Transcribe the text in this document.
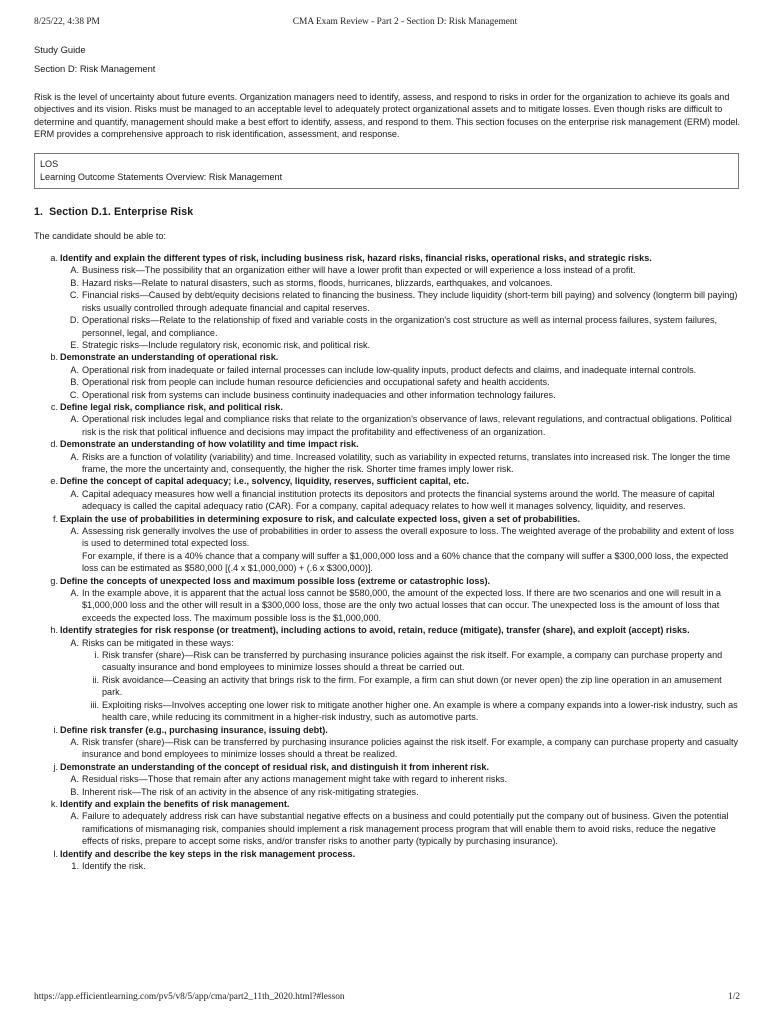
8/25/22, 4:38 PM	CMA Exam Review - Part 2 - Section D: Risk Management
Study Guide
Section D: Risk Management

Risk is the level of uncertainty about future events. Organization managers need to identify, assess, and respond to risks in order for the organization to achieve its goals and objectives and its vision. Risks must be managed to an acceptable level to adequately protect organizational assets and to mitigate losses. Even though risks are difficult to determine and quantify, management should make a best effort to identify, assess, and respond to them. This section focuses on the enterprise risk management (ERM) model. ERM provides a comprehensive approach to risk identification, assessment, and response.

LOS
Learning Outcome Statements Overview: Risk Management
1. Section D.1. Enterprise Risk

The candidate should be able to:

a. Identify and explain the different types of risk, including business risk, hazard risks, financial risks, operational risks, and strategic risks.
A. Business risk—The possibility that an organization either will have a lower profit than expected or will experience a loss instead of a profit.
B. Hazard risks—Relate to natural disasters, such as storms, floods, hurricanes, blizzards, earthquakes, and volcanoes.
C. Financial risks—Caused by debt/equity decisions related to financing the business. They include liquidity (short-term bill paying) and solvency (longterm bill paying) risks usually controlled through adequate financial and capital reserves.
D. Operational risks—Relate to the relationship of fixed and variable costs in the organization's cost structure as well as internal process failures, system failures, personnel, legal, and compliance.
E. Strategic risks—Include regulatory risk, economic risk, and political risk.
b. Demonstrate an understanding of operational risk.
A. Operational risk from inadequate or failed internal processes can include low-quality inputs, product defects and claims, and inadequate internal controls.
B. Operational risk from people can include human resource deficiencies and occupational safety and health accidents.
C. Operational risk from systems can include business continuity inadequacies and other information technology failures.
c. Define legal risk, compliance risk, and political risk.
A. Operational risk includes legal and compliance risks that relate to the organization's observance of laws, relevant regulations, and contractual obligations. Political risk is the risk that political influence and decisions may impact the profitability and effectiveness of an organization.
d. Demonstrate an understanding of how volatility and time impact risk.
A. Risks are a function of volatility (variability) and time. Increased volatility, such as variability in expected returns, translates into increased risk. The longer the time frame, the more the uncertainty and, consequently, the higher the risk. Shorter time frames imply lower risk.
e. Define the concept of capital adequacy; i.e., solvency, liquidity, reserves, sufficient capital, etc.
A. Capital adequacy measures how well a financial institution protects its depositors and protects the financial systems around the world. The measure of capital adequacy is called the capital adequacy ratio (CAR). For a company, capital adequacy relates to how well it manages solvency, liquidity, and reserves.
f. Explain the use of probabilities in determining exposure to risk, and calculate expected loss, given a set of probabilities.
A. Assessing risk generally involves the use of probabilities in order to assess the overall exposure to loss. The weighted average of the probability and extent of loss is used to determined total expected loss.
For example, if there is a 40% chance that a company will suffer a $1,000,000 loss and a 60% chance that the company will suffer a $300,000 loss, the expected loss can be estimated as $580,000 [(.4 x $1,000,000) + (.6 x $300,000)].
g. Define the concepts of unexpected loss and maximum possible loss (extreme or catastrophic loss).
A. In the example above, it is apparent that the actual loss cannot be $580,000, the amount of the expected loss. If there are two scenarios and one will result in a $1,000,000 loss and the other will result in a $300,000 loss, those are the only two actual losses that can occur. The unexpected loss is the amount of loss that exceeds the expected loss. The maximum possible loss is the $1,000,000.
h. Identify strategies for risk response (or treatment), including actions to avoid, retain, reduce (mitigate), transfer (share), and exploit (accept) risks.
A. Risks can be mitigated in these ways:
i. Risk transfer (share)—Risk can be transferred by purchasing insurance policies against the risk itself. For example, a company can purchase property and casualty insurance and bond employees to minimize losses should a threat be carried out.
ii. Risk avoidance—Ceasing an activity that brings risk to the firm. For example, a firm can shut down (or never open) the zip line operation in an amusement park.
iii. Exploiting risks—Involves accepting one lower risk to mitigate another higher one. An example is where a company expands into a lower-risk industry, such as health care, while reducing its commitment in a higher-risk industry, such as automotive parts.
i. Define risk transfer (e.g., purchasing insurance, issuing debt).
A. Risk transfer (share)—Risk can be transferred by purchasing insurance policies against the risk itself. For example, a company can purchase property and casualty insurance and bond employees to minimize losses should a threat be realized.
j. Demonstrate an understanding of the concept of residual risk, and distinguish it from inherent risk.
A. Residual risks—Those that remain after any actions management might take with regard to inherent risks.
B. Inherent risk—The risk of an activity in the absence of any risk-mitigating strategies.
k. Identify and explain the benefits of risk management.
A. Failure to adequately address risk can have substantial negative effects on a business and could potentially put the company out of business. Given the potential ramifications of mismanaging risk, companies should implement a risk management process program that will enable them to avoid risks, reduce the negative effects of risks, prepare to accept some risks, and/or transfer risks to another party (typically by purchasing insurance).
l. Identify and describe the key steps in the risk management process.
1. Identify the risk.
https://app.efficientlearning.com/pv5/v8/5/app/cma/part2_11th_2020.html?#lesson	1/2
